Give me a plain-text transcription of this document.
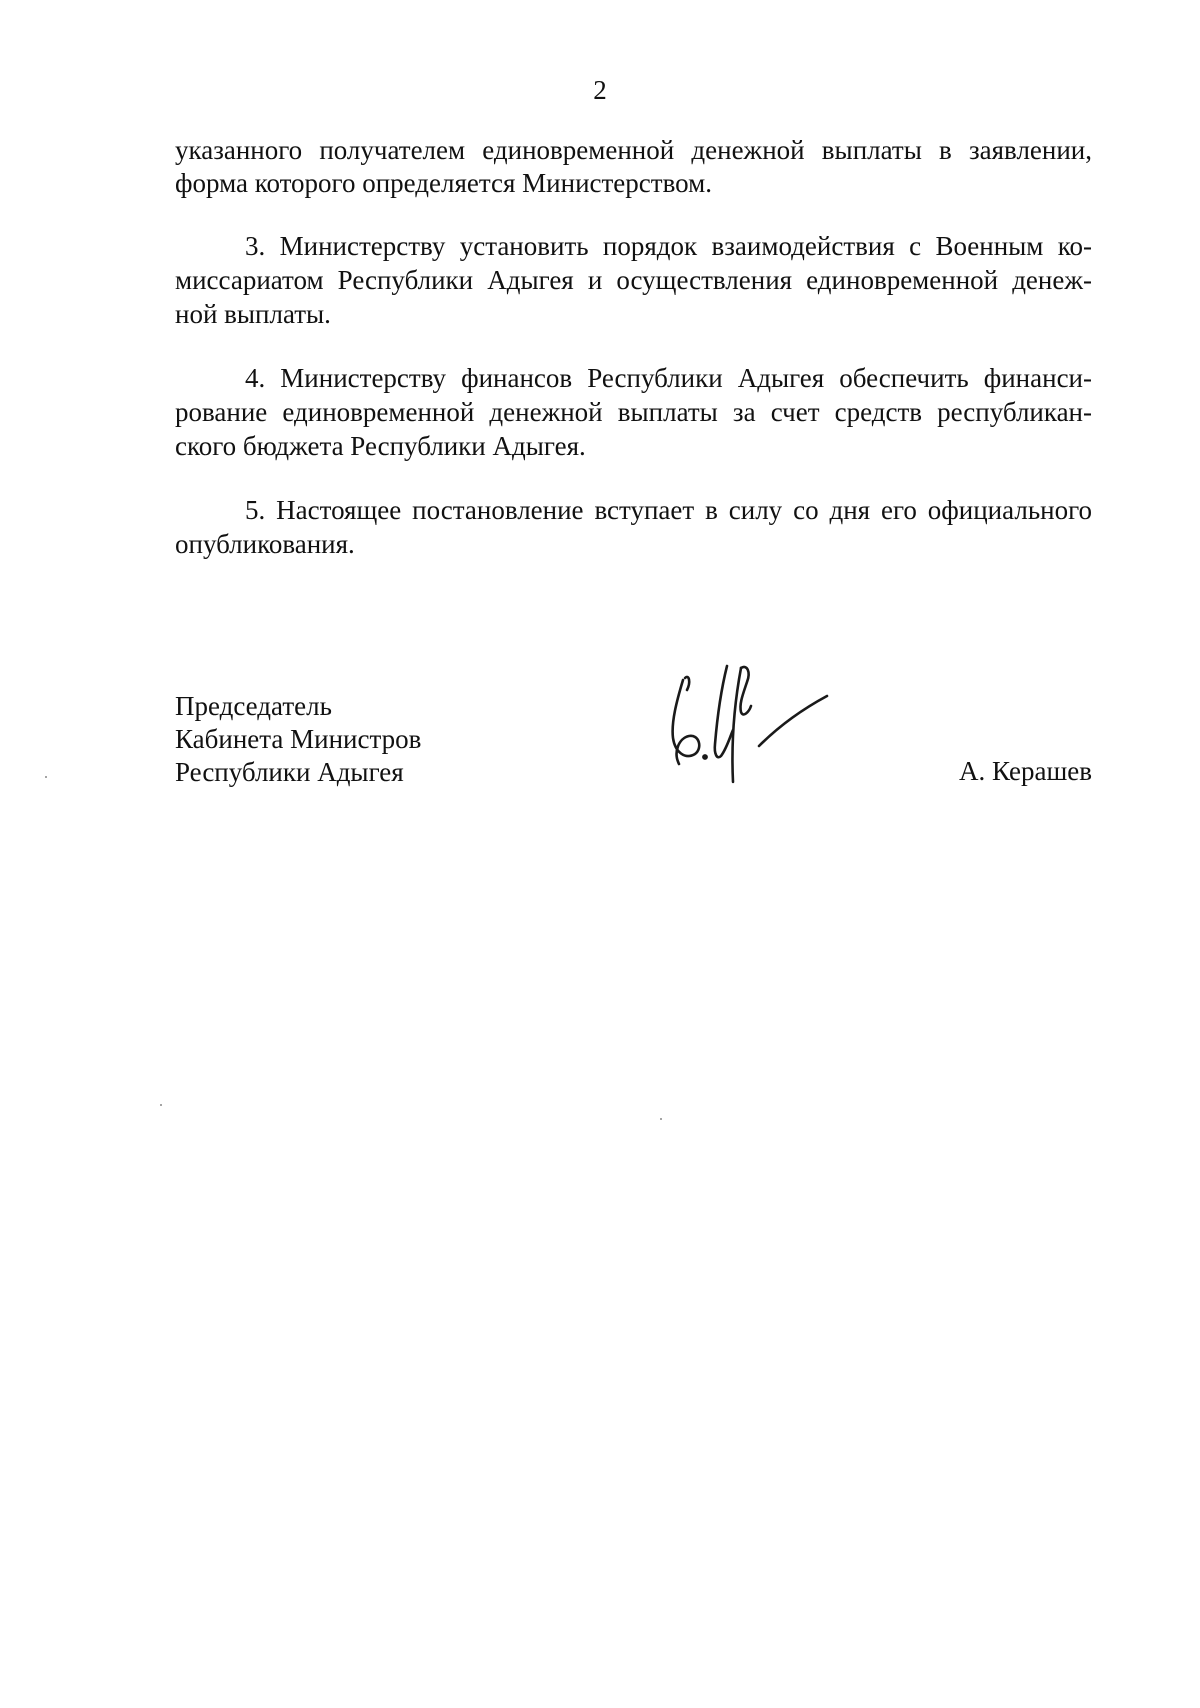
2
указанного получателем единовременной денежной выплаты в заявлении,
форма которого определяется Министерством.
3. Министерству установить порядок взаимодействия с Военным ко-
миссариатом Республики Адыгея и осуществления единовременной денеж-
ной выплаты.
4. Министерству финансов Республики Адыгея обеспечить финанси-
рование единовременной денежной выплаты за счет средств республикан-
ского бюджета Республики Адыгея.
5. Настоящее постановление вступает в силу со дня его официального
опубликования.
Председатель
Кабинета Министров
Республики Адыгея	А. Керашев
